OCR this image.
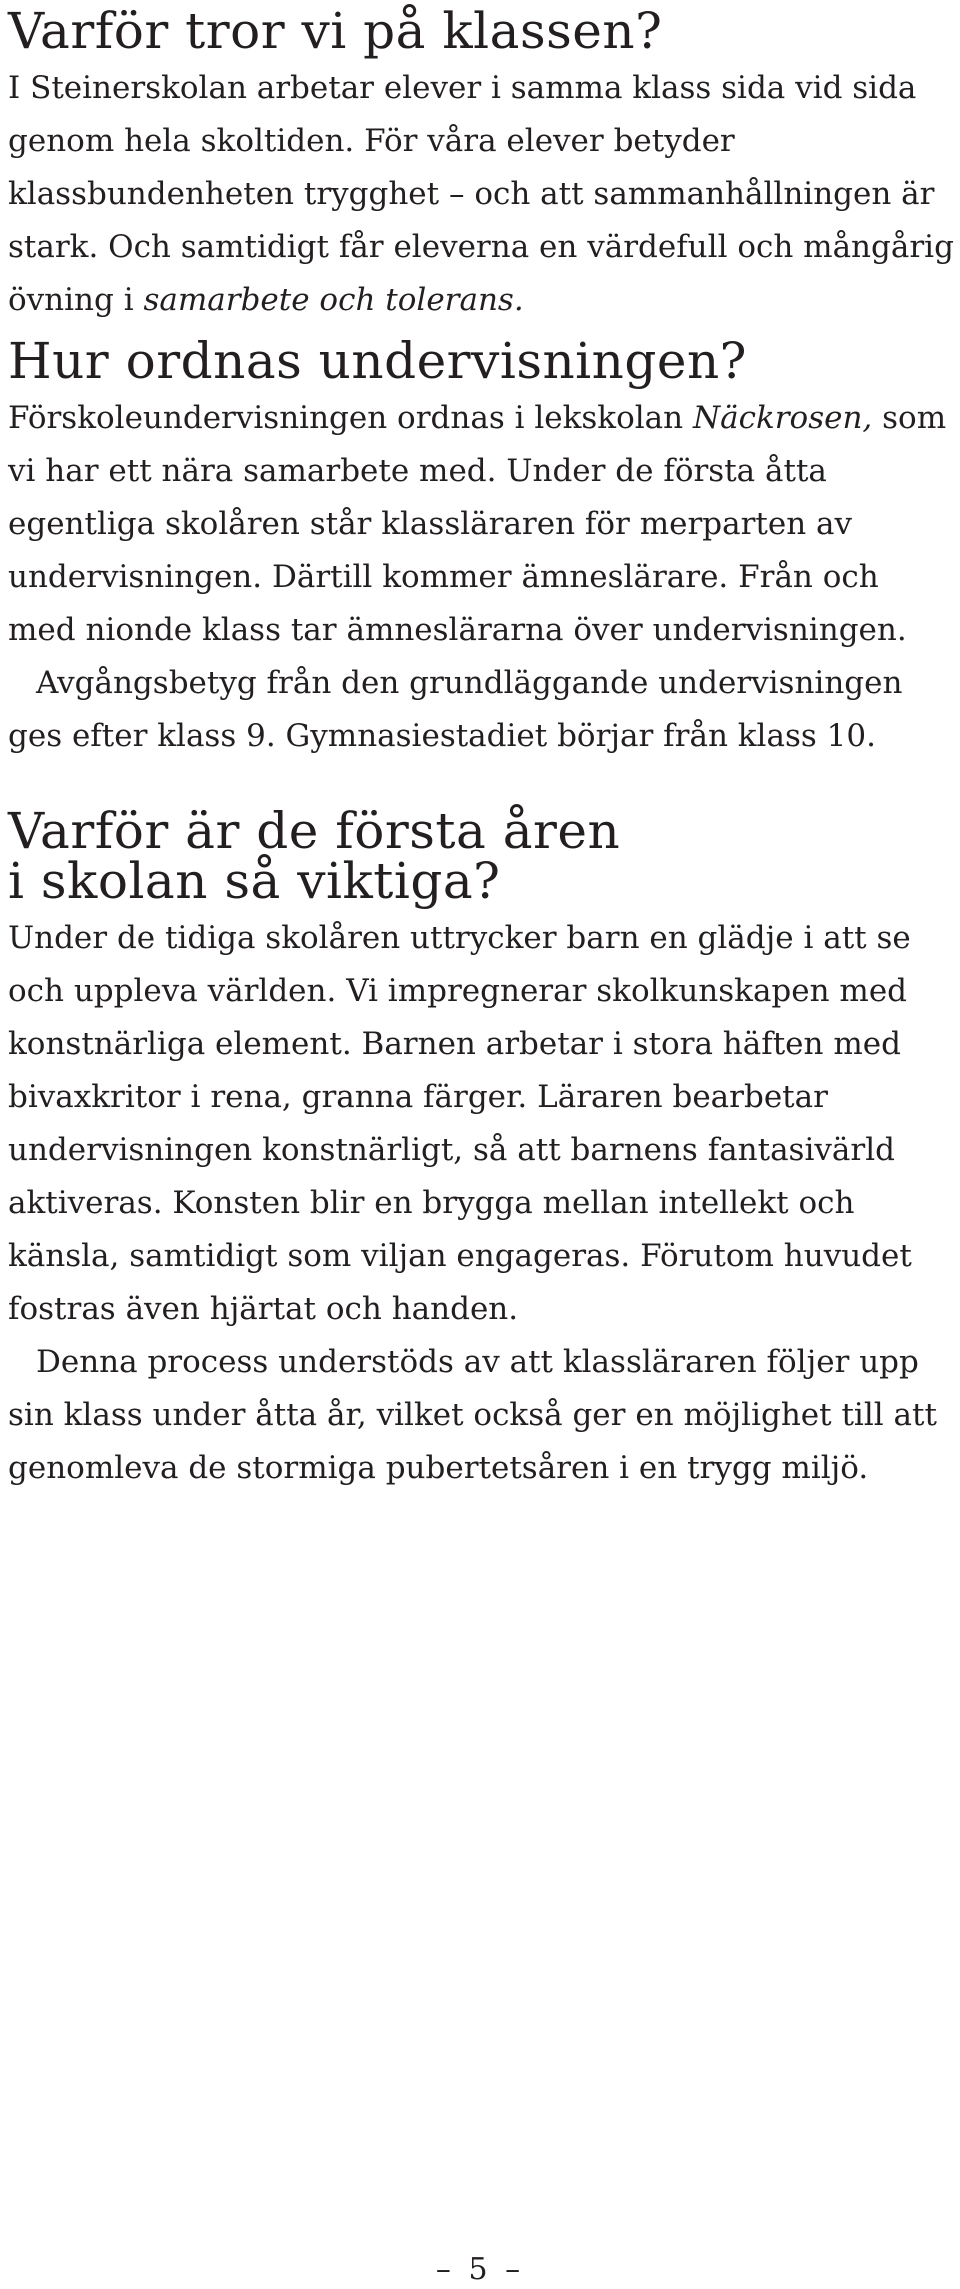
Varför tror vi på klassen?

I Steinerskolan arbetar elever i samma klass sida vid sida genom hela skoltiden. För våra elever betyder klassbundenheten trygghet – och att sammanhållningen är stark. Och samtidigt får eleverna en värdefull och mångårig övning i samarbete och tolerans.

Hur ordnas undervisningen?

Förskoleundervisningen ordnas i lekskolan Näckrosen, som vi har ett nära samarbete med. Under de första åtta egentliga skolåren står klassläraren för merparten av undervisningen. Därtill kommer ämneslärare. Från och med nionde klass tar ämneslärarna över undervisningen.

Avgångsbetyg från den grundläggande undervisningen ges efter klass 9. Gymnasiestadiet börjar från klass 10.

Varför är de första åren
i skolan så viktiga?

Under de tidiga skolåren uttrycker barn en glädje i att se och uppleva världen. Vi impregnerar skolkunskapen med konstnärliga element. Barnen arbetar i stora häften med bivaxkritor i rena, granna färger. Läraren bearbetar undervisningen konstnärligt, så att barnens fantasivärld aktiveras. Konsten blir en brygga mellan intellekt och känsla, samtidigt som viljan engageras. Förutom huvudet fostras även hjärtat och handen.

Denna process understöds av att klassläraren följer upp sin klass under åtta år, vilket också ger en möjlighet till att genomleva de stormiga pubertetsåren i en trygg miljö.

– 5 –
